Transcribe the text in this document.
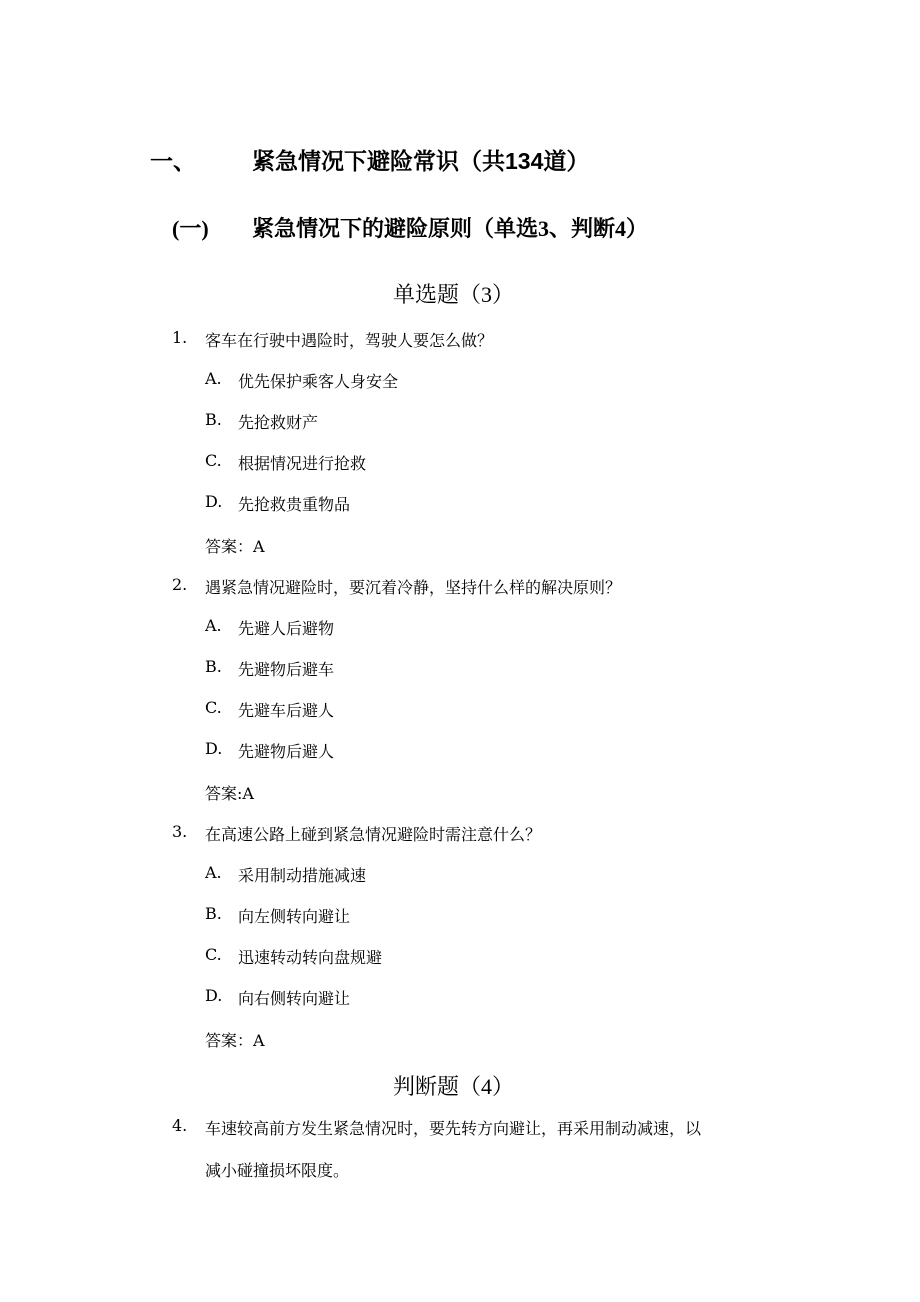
一、 紧急情况下避险常识（共134道）
(一) 紧急情况下的避险原则（单选3、判断4）
单选题（3）
1. 客车在行驶中遇险时，驾驶人要怎么做？
A. 优先保护乘客人身安全
B. 先抢救财产
C. 根据情况进行抢救
D. 先抢救贵重物品
答案：A
2. 遇紧急情况避险时，要沉着冷静，坚持什么样的解决原则？
A. 先避人后避物
B. 先避物后避车
C. 先避车后避人
D. 先避物后避人
答案:A
3. 在高速公路上碰到紧急情况避险时需注意什么？
A. 采用制动措施减速
B. 向左侧转向避让
C. 迅速转动转向盘规避
D. 向右侧转向避让
答案：A
判断题（4）
4. 车速较高前方发生紧急情况时，要先转方向避让，再采用制动减速，以
减小碰撞损坏限度。
